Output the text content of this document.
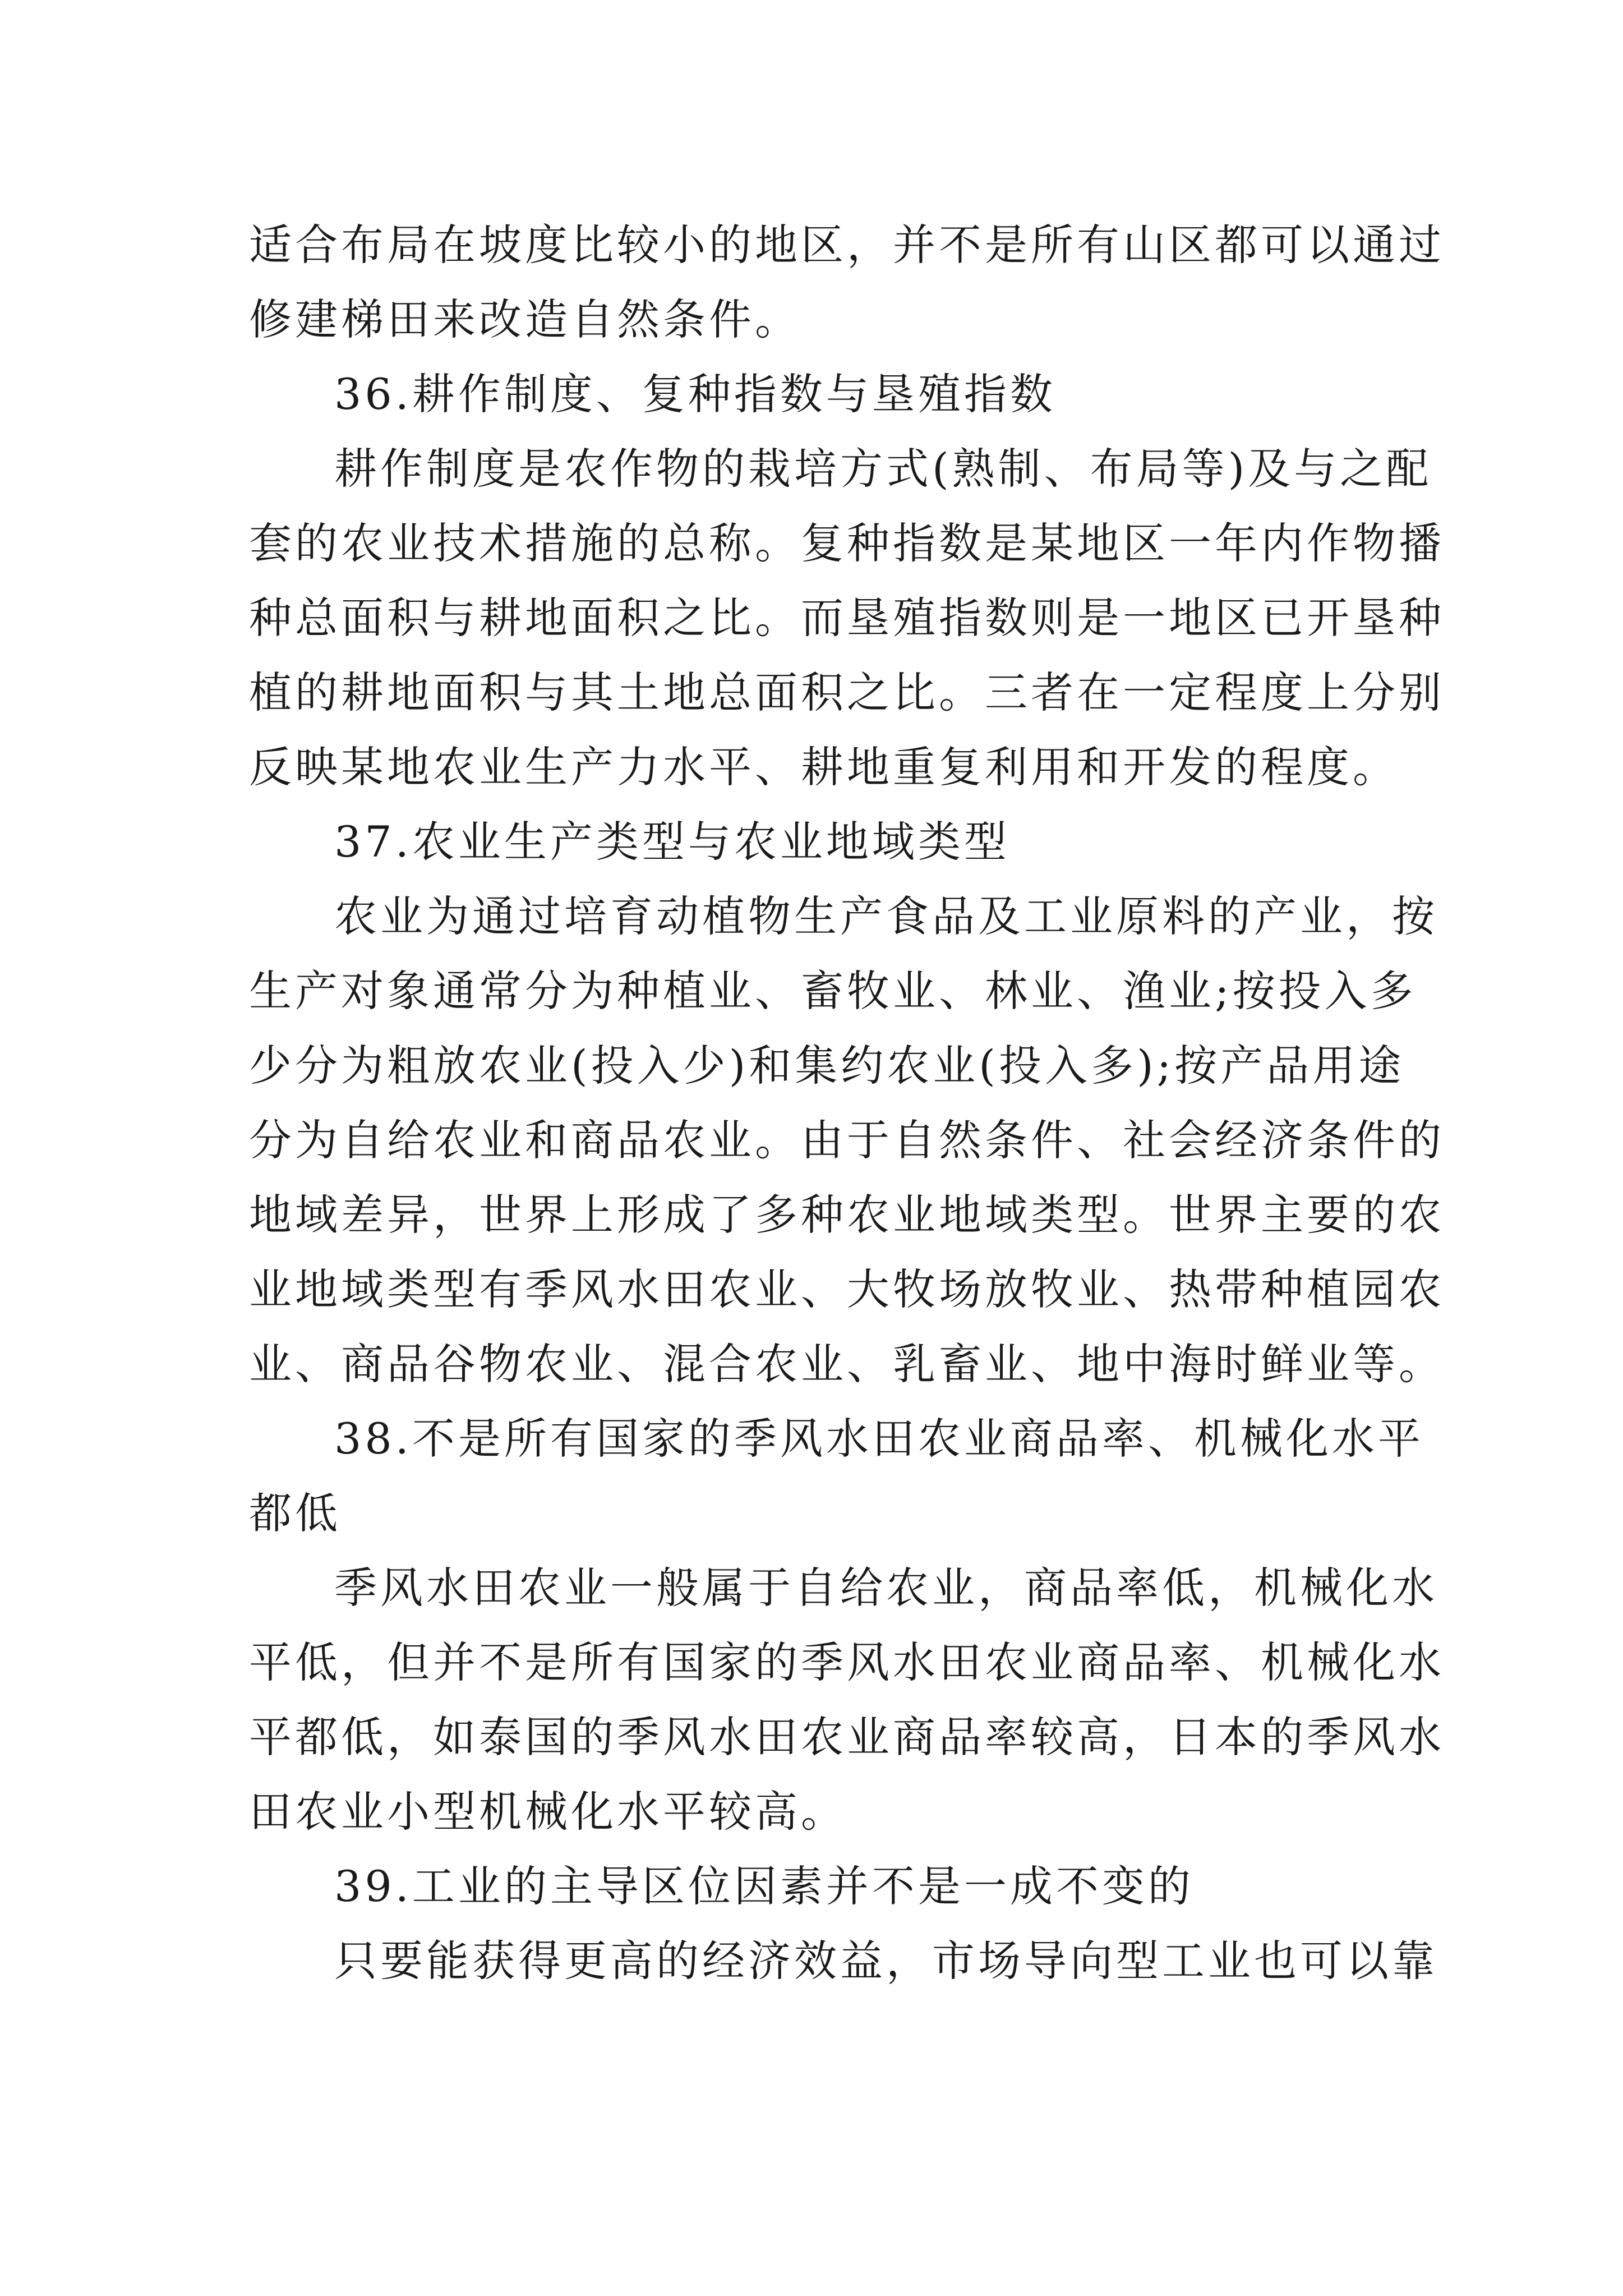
适合布局在坡度比较小的地区，并不是所有山区都可以通过
修建梯田来改造自然条件。
36.耕作制度、复种指数与垦殖指数
耕作制度是农作物的栽培方式(熟制、布局等)及与之配
套的农业技术措施的总称。复种指数是某地区一年内作物播
种总面积与耕地面积之比。而垦殖指数则是一地区已开垦种
植的耕地面积与其土地总面积之比。三者在一定程度上分别
反映某地农业生产力水平、耕地重复利用和开发的程度。
37.农业生产类型与农业地域类型
农业为通过培育动植物生产食品及工业原料的产业，按
生产对象通常分为种植业、畜牧业、林业、渔业;按投入多
少分为粗放农业(投入少)和集约农业(投入多);按产品用途
分为自给农业和商品农业。由于自然条件、社会经济条件的
地域差异，世界上形成了多种农业地域类型。世界主要的农
业地域类型有季风水田农业、大牧场放牧业、热带种植园农
业、商品谷物农业、混合农业、乳畜业、地中海时鲜业等。
38.不是所有国家的季风水田农业商品率、机械化水平
都低
季风水田农业一般属于自给农业，商品率低，机械化水
平低，但并不是所有国家的季风水田农业商品率、机械化水
平都低，如泰国的季风水田农业商品率较高，日本的季风水
田农业小型机械化水平较高。
39.工业的主导区位因素并不是一成不变的
只要能获得更高的经济效益，市场导向型工业也可以靠
